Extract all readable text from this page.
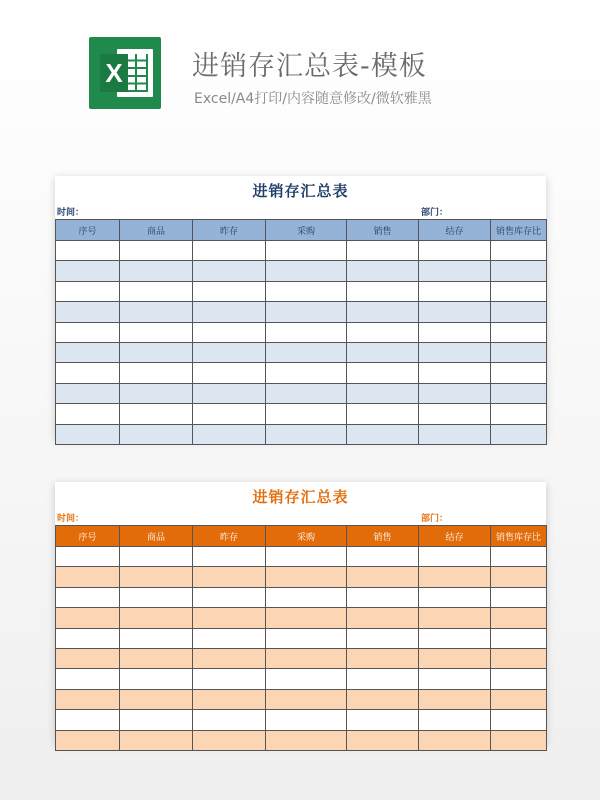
X	进销存汇总表-模板
Excel/A4打印/内容随意修改/微软雅黑
进销存汇总表
时间：	部门：
序号	商品	昨存	采购	销售	结存	销售库存比

进销存汇总表
时间：	部门：
序号	商品	昨存	采购	销售	结存	销售库存比
